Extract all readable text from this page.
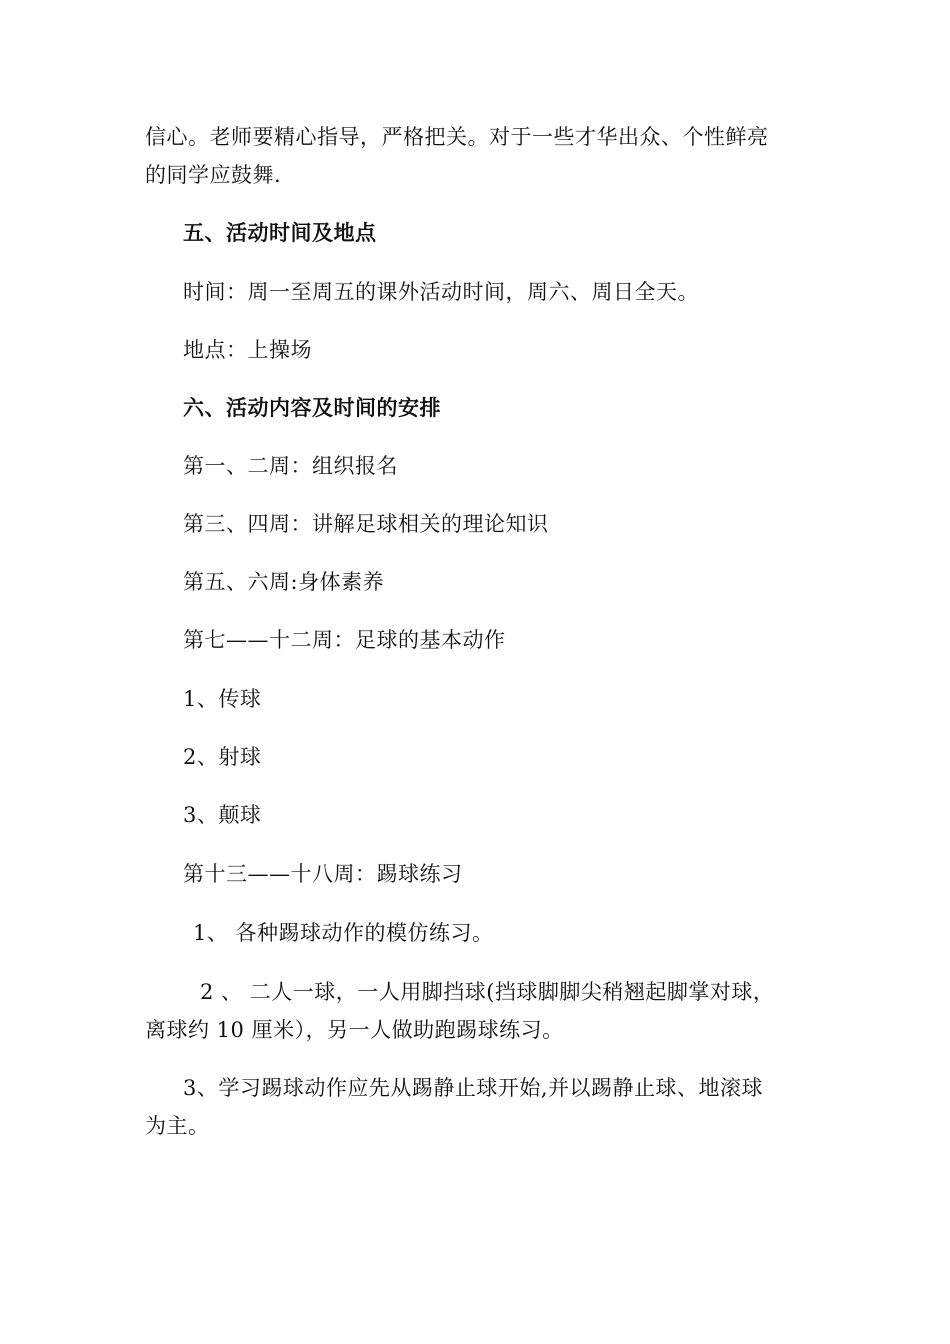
信心。老师要精心指导，严格把关。对于一些才华出众、个性鲜亮
的同学应鼓舞.
五、活动时间及地点
时间：周一至周五的课外活动时间，周六、周日全天。
地点：上操场
六、活动内容及时间的安排
第一、二周：组织报名
第三、四周：讲解足球相关的理论知识
第五、六周:身体素养
第七——十二周：足球的基本动作
1、传球
2、射球
3、颠球
第十三——十八周：踢球练习
1、 各种踢球动作的模仿练习。
2 、 二人一球，一人用脚挡球(挡球脚脚尖稍翘起脚掌对球，
离球约 10 厘米），另一人做助跑踢球练习。
3、学习踢球动作应先从踢静止球开始,并以踢静止球、地滚球
为主。
